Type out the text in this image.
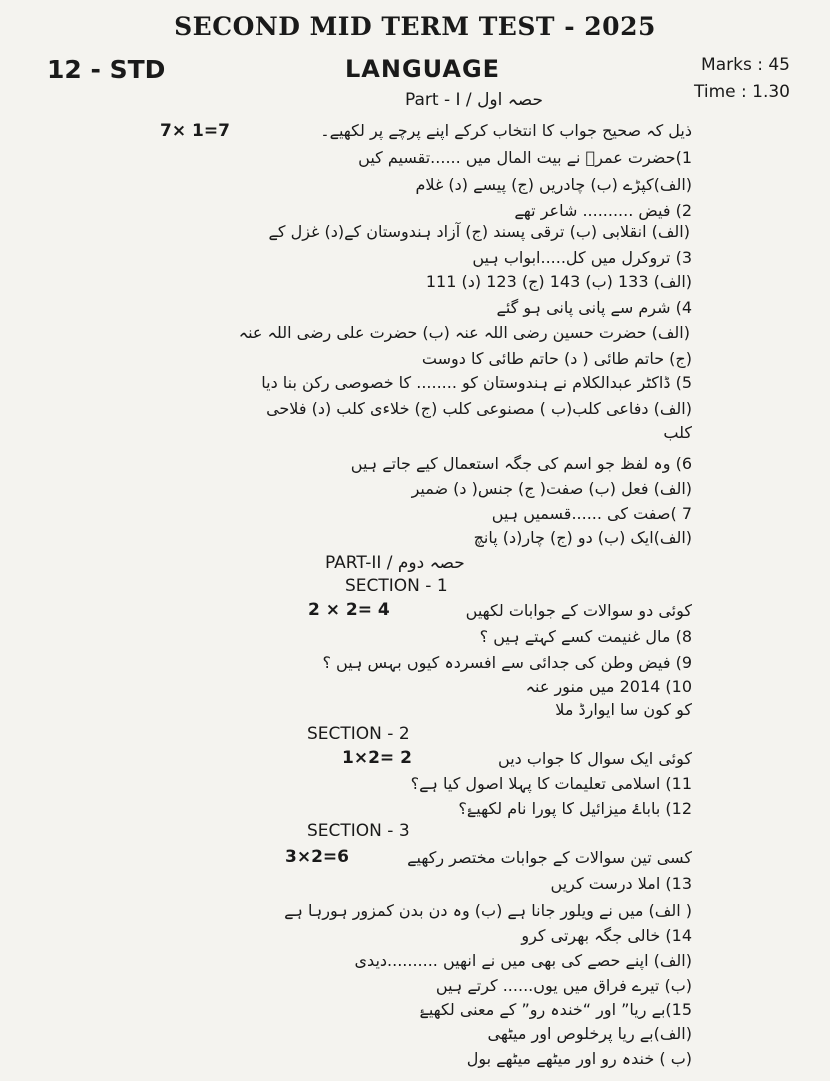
SECOND MID TERM TEST - 2025
12 - STD	LANGUAGE	Marks : 45
Time : 1.30
Part - I / حصہ اول
7× 1=7	ذیل کہ صحیح جواب کا انتخاب کرکے اپنے پرچے پر لکھیے۔
1)حضرت عمرؓ نے بیت المال میں ......تقسیم کیں
(الف)کپڑے (ب) چادریں (ج) پیسے (د) غلام
2) فیض .......... شاعر تھے
(الف) انقلابی (ب) ترقی پسند (ج) آزاد ہندوستان کے(د) غزل کے
3) تروکرل میں کل.....ابواب ہیں
(الف) 133 (ب) 143 (ج) 123 (د) 111
4) شرم سے پانی پانی ہو گئے
(الف) حضرت حسین رضی اللہ عنہ (ب) حضرت علی رضی اللہ عنہ
(ج) حاتم طائی ( د) حاتم طائی کا دوست
5) ڈاکٹر عبدالکلام نے ہندوستان کو ........ کا خصوصی رکن بنا دیا
(الف) دفاعی کلب(ب ) مصنوعی کلب (ج) خلاءی کلب (د) فلاحی
کلب
6) وہ لفظ جو اسم کی جگہ استعمال کیے جاتے ہیں
(الف) فعل (ب) صفت( ج) جنس( د) ضمیر
7 )صفت کی ......قسمیں ہیں
(الف)ایک (ب) دو (ج) چار(د) پانچ
PART-II / حصہ دوم
SECTION - 1
2 × 2= 4	کوئی دو سوالات کے جوابات لکھیں
8) مال غنیمت کسے کہتے ہیں ؟
9) فیض وطن کی جدائی سے افسردہ کیوں بہس ہیں ؟
10) 2014 میں منور عنہ
کو کون سا ایوارڈ ملا
SECTION - 2
1×2= 2	کوئی ایک سوال کا جواب دیں
11) اسلامی تعلیمات کا پہلا اصول کیا ہے؟
12) باباۓ میزائیل کا پورا نام لکھیۓ؟
SECTION - 3
3×2=6	کسی تین سوالات کے جوابات مختصر رکھیے
13) املا درست کریں
( الف) میں نے ویلور جانا ہے (ب) وہ دن بدن کمزور ہورہا ہے
14) خالی جگہ بھرتی کرو
(الف) اپنے حصے کی بھی میں نے انھیں ..........دیدی
(ب) تیرے فراق میں یوں...... کرتے ہیں
15)بے ریا” اور “خندہ رو” کے معنی لکھیۓ
(الف)بے ریا پرخلوص اور میٹھی
(ب ) خندہ رو اور میٹھے میٹھے بول
